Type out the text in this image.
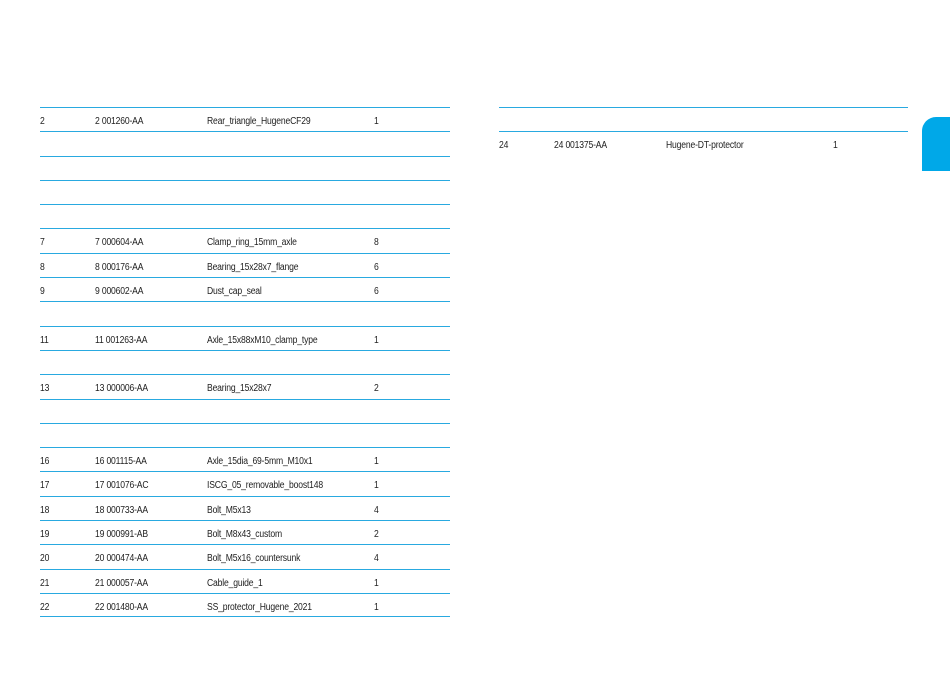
2	2 001260-AA	Rear_triangle_HugeneCF29	1
7	7 000604-AA	Clamp_ring_15mm_axle	8
8	8 000176-AA	Bearing_15x28x7_flange	6
9	9 000602-AA	Dust_cap_seal	6
11	11 001263-AA	Axle_15x88xM10_clamp_type	1
13	13 000006-AA	Bearing_15x28x7	2
16	16 001115-AA	Axle_15dia_69-5mm_M10x1	1
17	17 001076-AC	ISCG_05_removable_boost148	1
18	18 000733-AA	Bolt_M5x13	4
19	19 000991-AB	Bolt_M8x43_custom	2
20	20 000474-AA	Bolt_M5x16_countersunk	4
21	21 000057-AA	Cable_guide_1	1
22	22 001480-AA	SS_protector_Hugene_2021	1
24	24 001375-AA	Hugene-DT-protector	1
